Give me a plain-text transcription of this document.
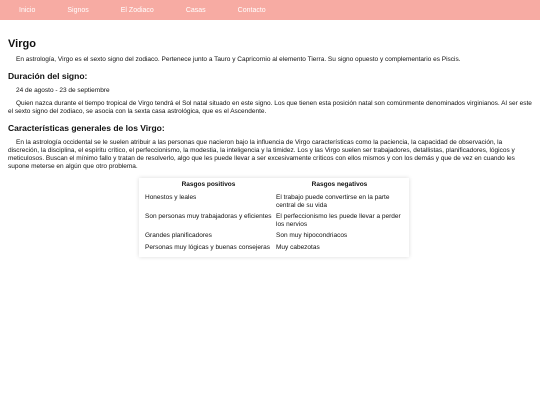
Inicio	Signos	El Zodiaco	Casas	Contacto
Virgo

En astrología, Virgo es el sexto signo del zodiaco. Pertenece junto a Tauro y Capricornio al elemento Tierra. Su signo opuesto y complementario es Piscis.

Duración del signo:

24 de agosto - 23 de septiembre

Quien nazca durante el tiempo tropical de Virgo tendrá el Sol natal situado en este signo. Los que tienen esta posición natal son comúnmente denominados virginianos. Al ser este el sexto signo del zodiaco, se asocia con la sexta casa astrológica, que es el Ascendente.

Características generales de los Virgo:

En la astrología occidental se le suelen atribuir a las personas que nacieron bajo la influencia de Virgo características como la paciencia, la capacidad de observación, la discreción, la disciplina, el espíritu crítico, el perfeccionismo, la modestia, la inteligencia y la timidez. Los y las Virgo suelen ser trabajadores, detallistas, planificadores, lógicos y meticulosos. Buscan el mínimo fallo y tratan de resolverlo, algo que les puede llevar a ser excesivamente críticos con ellos mismos y con los demás y que de vez en cuando les supone meterse en algún que otro problema.

Rasgos positivos	Rasgos negativos
Honestos y leales	El trabajo puede convertirse en la parte central de su vida
Son personas muy trabajadoras y eficientes	El perfeccionismo les puede llevar a perder los nervios
Grandes planificadores	Son muy hipocondriacos
Personas muy lógicas y buenas consejeras	Muy cabezotas
